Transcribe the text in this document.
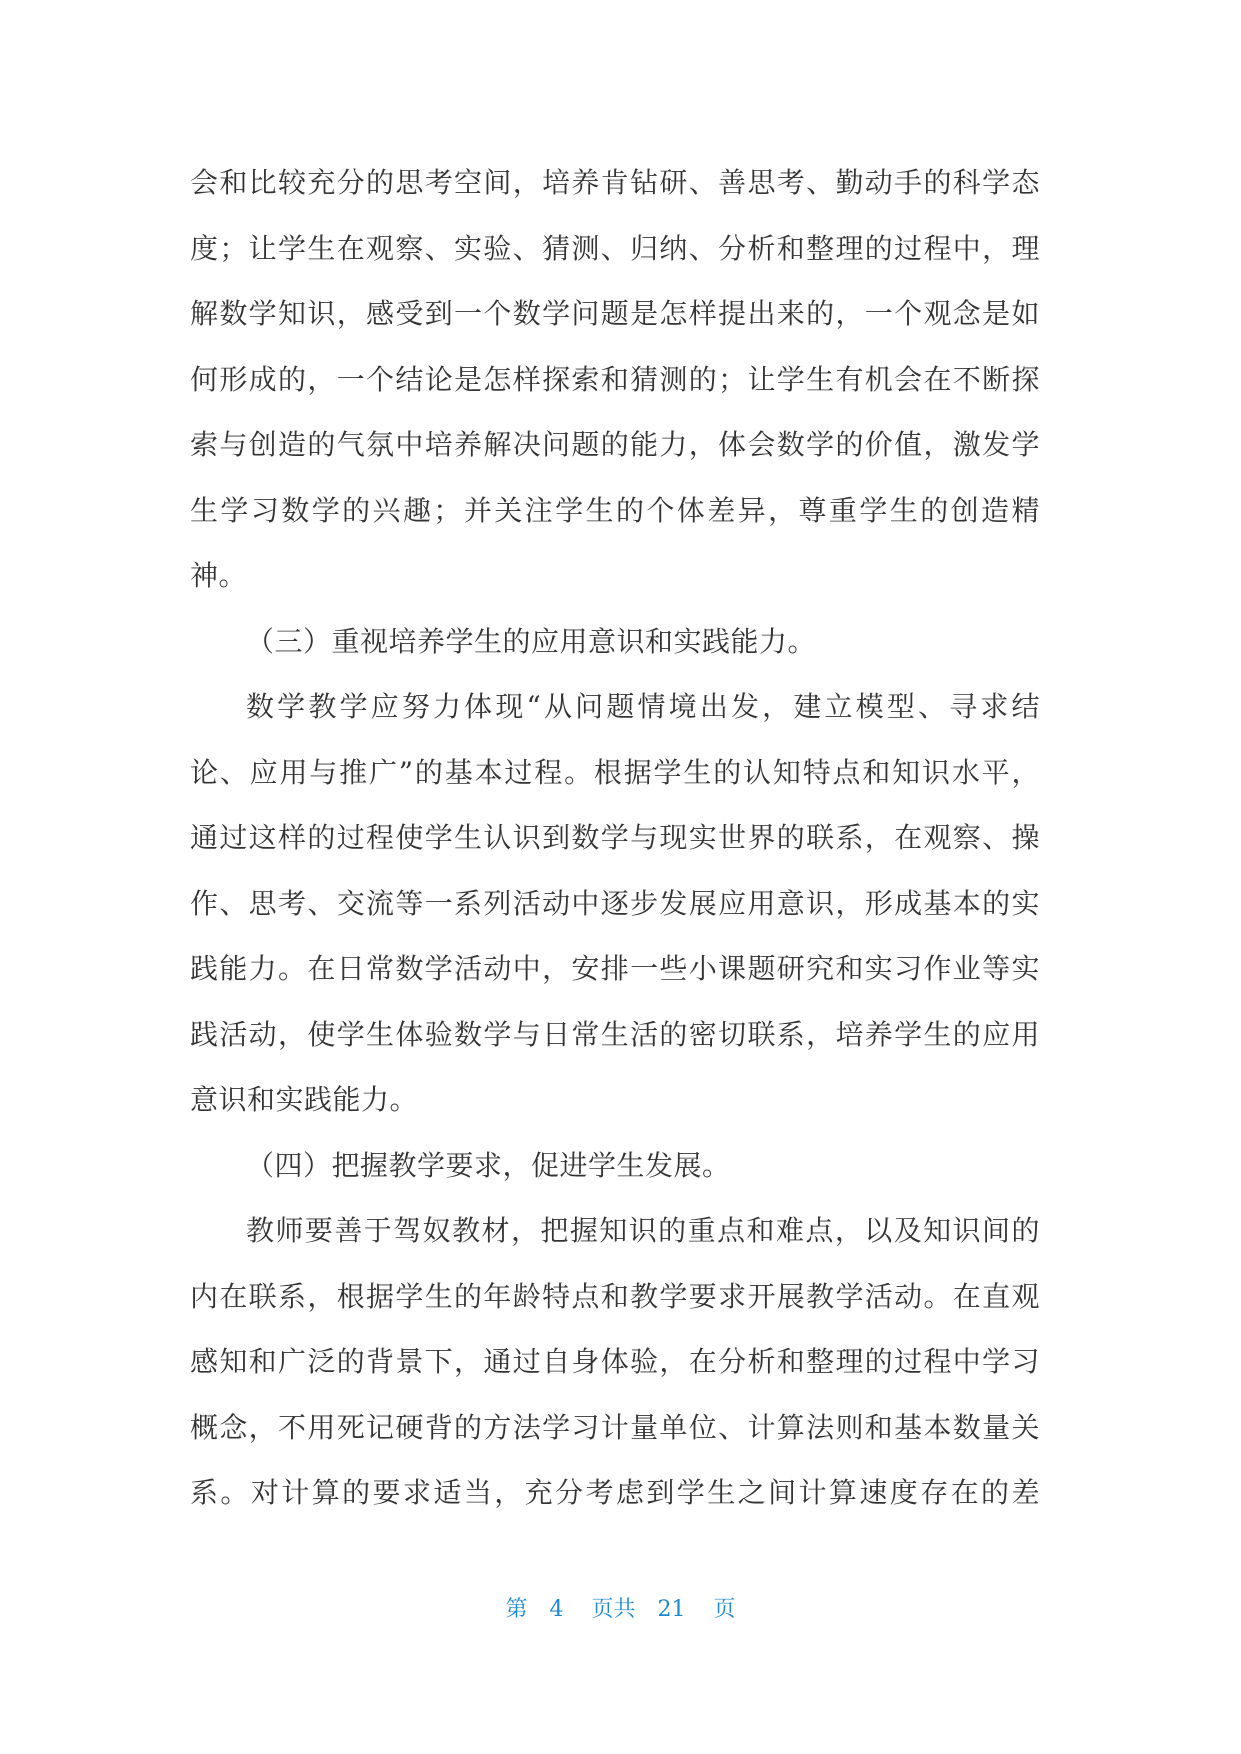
会和比较充分的思考空间，培养肯钻研、善思考、勤动手的科学态
度；让学生在观察、实验、猜测、归纳、分析和整理的过程中，理
解数学知识，感受到一个数学问题是怎样提出来的，一个观念是如
何形成的，一个结论是怎样探索和猜测的；让学生有机会在不断探
索与创造的气氛中培养解决问题的能力，体会数学的价值，激发学
生学习数学的兴趣；并关注学生的个体差异，尊重学生的创造精
神。
（三）重视培养学生的应用意识和实践能力。
数学教学应努力体现“从问题情境出发，建立模型、寻求结
论、应用与推广”的基本过程。根据学生的认知特点和知识水平，
通过这样的过程使学生认识到数学与现实世界的联系，在观察、操
作、思考、交流等一系列活动中逐步发展应用意识，形成基本的实
践能力。在日常数学活动中，安排一些小课题研究和实习作业等实
践活动，使学生体验数学与日常生活的密切联系，培养学生的应用
意识和实践能力。
（四）把握教学要求，促进学生发展。
教师要善于驾奴教材，把握知识的重点和难点，以及知识间的
内在联系，根据学生的年龄特点和教学要求开展教学活动。在直观
感知和广泛的背景下，通过自身体验，在分析和整理的过程中学习
概念，不用死记硬背的方法学习计量单位、计算法则和基本数量关
系。对计算的要求适当，充分考虑到学生之间计算速度存在的差
第 4 页共 21 页
